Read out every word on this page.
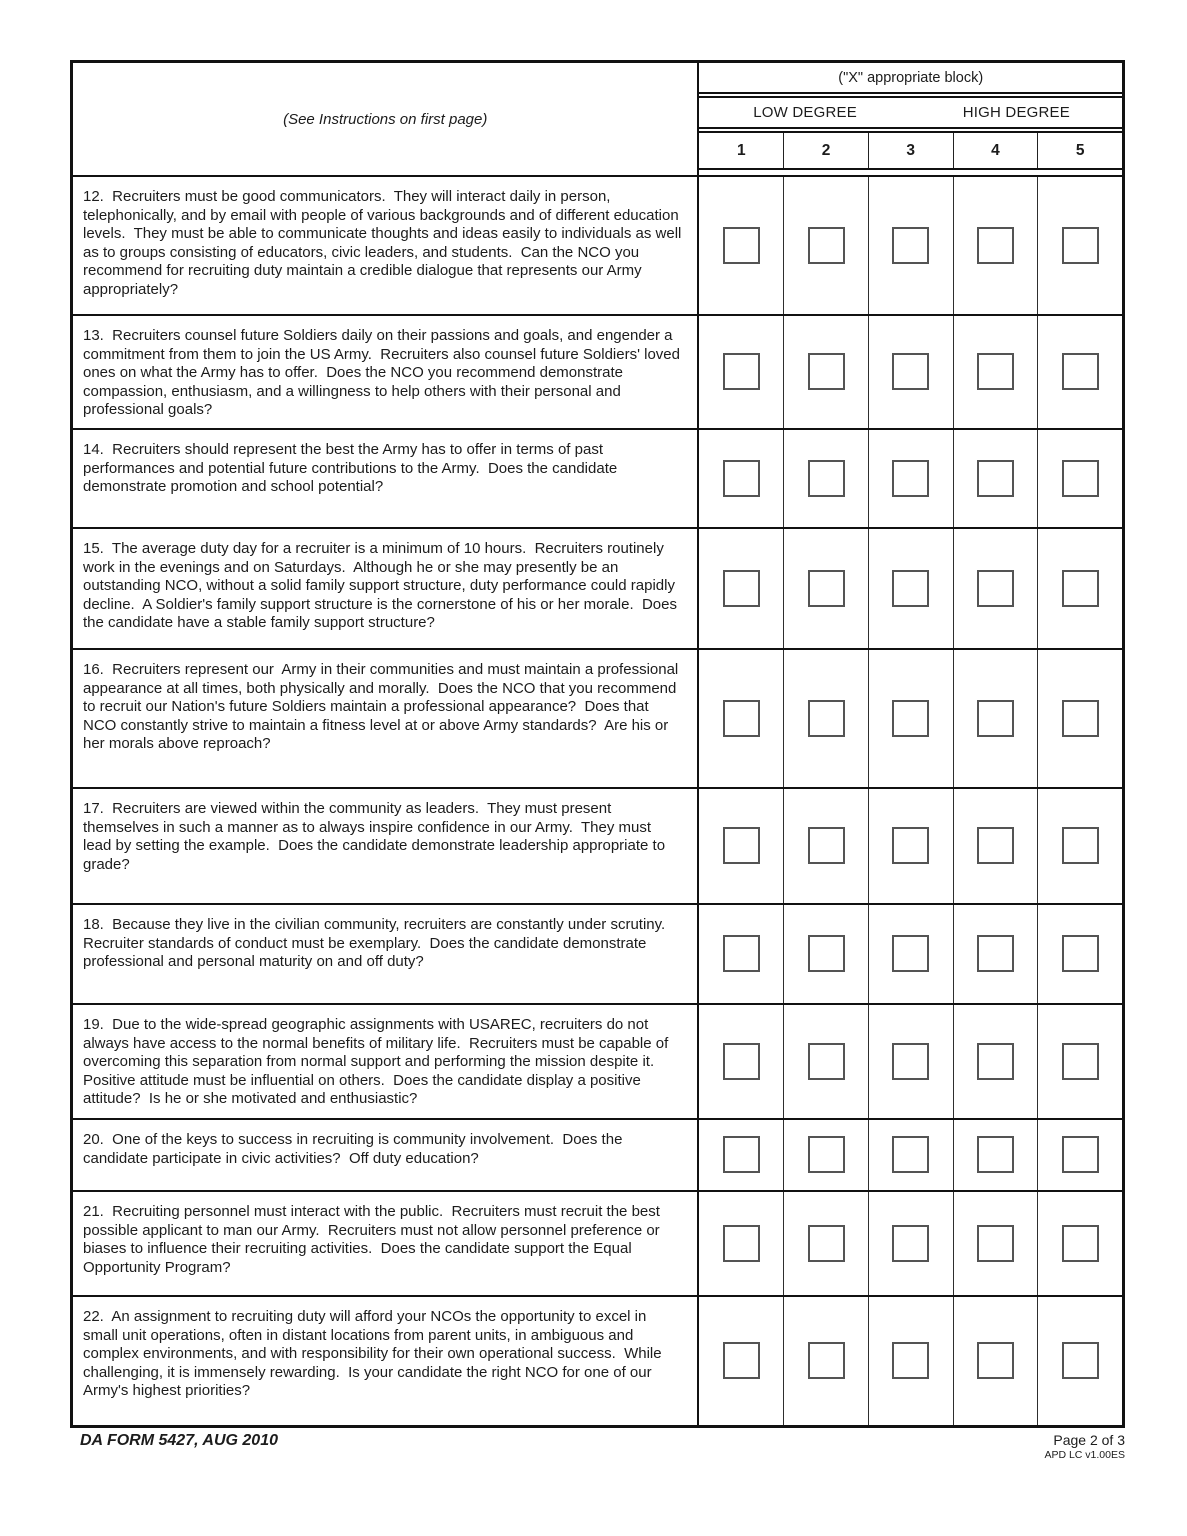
(See Instructions on first page)
("X" appropriate block)
LOW DEGREE	HIGH DEGREE
1	2	3	4	5
12.  Recruiters must be good communicators.  They will interact daily in person, telephonically, and by email with people of various backgrounds and of different education levels.  They must be able to communicate thoughts and ideas easily to individuals as well as to groups consisting of educators, civic leaders, and students.  Can the NCO you recommend for recruiting duty maintain a credible dialogue that represents our Army appropriately?
13.  Recruiters counsel future Soldiers daily on their passions and goals, and engender a commitment from them to join the US Army.  Recruiters also counsel future Soldiers' loved ones on what the Army has to offer.  Does the NCO you recommend demonstrate compassion, enthusiasm, and a willingness to help others with their personal and professional goals?
14.  Recruiters should represent the best the Army has to offer in terms of past performances and potential future contributions to the Army.  Does the candidate demonstrate promotion and school potential?
15.  The average duty day for a recruiter is a minimum of 10 hours.  Recruiters routinely work in the evenings and on Saturdays.  Although he or she may presently be an outstanding NCO, without a solid family support structure, duty performance could rapidly decline.  A Soldier's family support structure is the cornerstone of his or her morale.  Does the candidate have a stable family support structure?
16.  Recruiters represent our  Army in their communities and must maintain a professional appearance at all times, both physically and morally.  Does the NCO that you recommend to recruit our Nation's future Soldiers maintain a professional appearance?  Does that NCO constantly strive to maintain a fitness level at or above Army standards?  Are his or her morals above reproach?
17.  Recruiters are viewed within the community as leaders.  They must present themselves in such a manner as to always inspire confidence in our Army.  They must lead by setting the example.  Does the candidate demonstrate leadership appropriate to grade?
18.  Because they live in the civilian community, recruiters are constantly under scrutiny.  Recruiter standards of conduct must be exemplary.  Does the candidate demonstrate professional and personal maturity on and off duty?
19.  Due to the wide-spread geographic assignments with USAREC, recruiters do not always have access to the normal benefits of military life.  Recruiters must be capable of overcoming this separation from normal support and performing the mission despite it.  Positive attitude must be influential on others.  Does the candidate display a positive attitude?  Is he or she motivated and enthusiastic?
20.  One of the keys to success in recruiting is community involvement.  Does the candidate participate in civic activities?  Off duty education?
21.  Recruiting personnel must interact with the public.  Recruiters must recruit the best possible applicant to man our Army.  Recruiters must not allow personnel preference or biases to influence their recruiting activities.  Does the candidate support the Equal Opportunity Program?
22.  An assignment to recruiting duty will afford your NCOs the opportunity to excel in small unit operations, often in distant locations from parent units, in ambiguous and complex environments, and with responsibility for their own operational success.  While challenging, it is immensely rewarding.  Is your candidate the right NCO for one of our Army's highest priorities?
DA FORM 5427, AUG 2010	Page 2 of 3
APD LC v1.00ES
